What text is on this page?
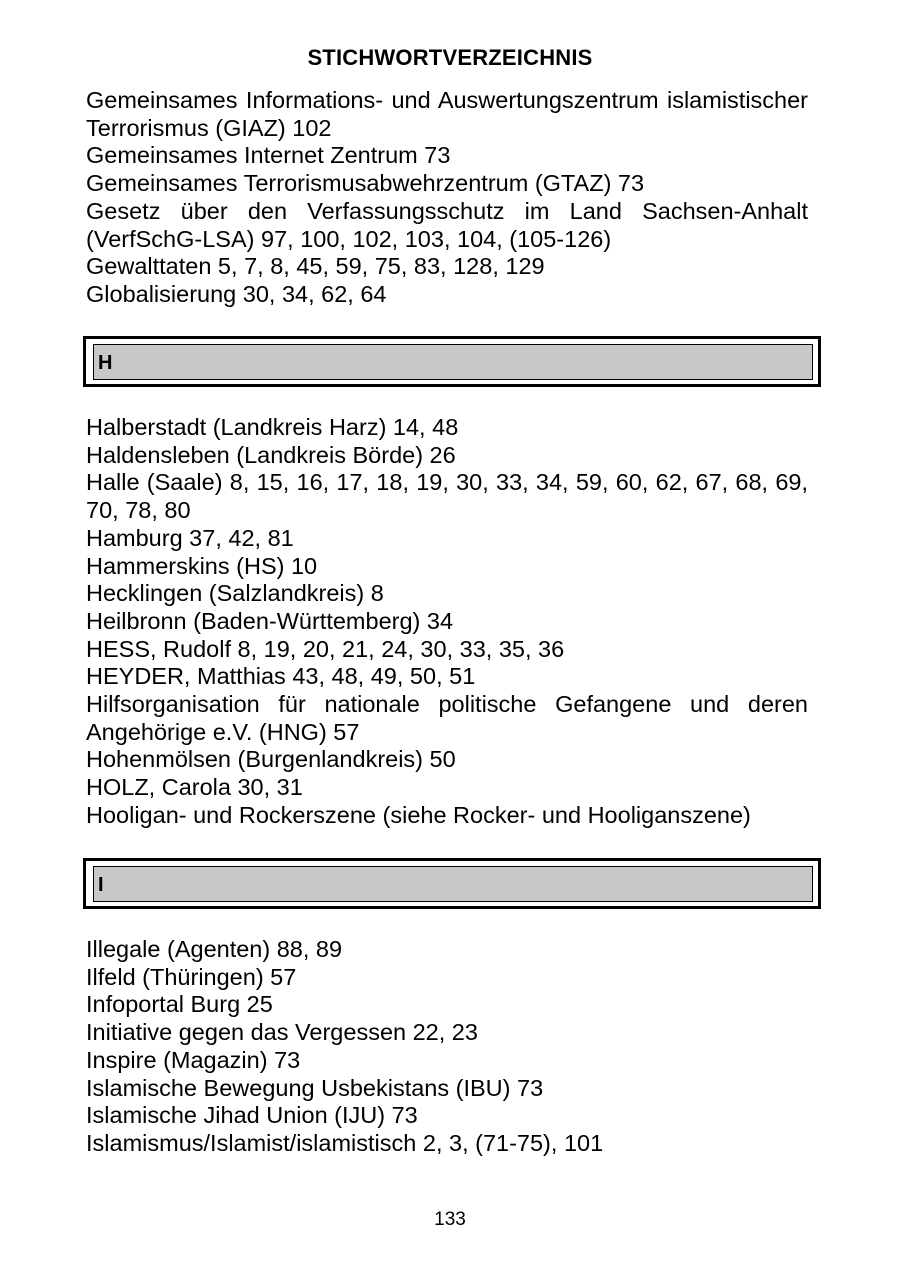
STICHWORTVERZEICHNIS
Gemeinsames Informations- und Auswertungszentrum islamistischer Terrorismus (GIAZ) 102
Gemeinsames Internet Zentrum 73
Gemeinsames Terrorismusabwehrzentrum (GTAZ) 73
Gesetz über den Verfassungsschutz im Land Sachsen-Anhalt (VerfSchG-LSA) 97, 100, 102, 103, 104, (105-126)
Gewalttaten 5, 7, 8, 45, 59, 75, 83, 128, 129
Globalisierung 30, 34, 62, 64
H
Halberstadt (Landkreis Harz) 14, 48
Haldensleben (Landkreis Börde) 26
Halle (Saale) 8, 15, 16, 17, 18, 19, 30, 33, 34, 59, 60, 62, 67, 68, 69, 70, 78, 80
Hamburg 37, 42, 81
Hammerskins (HS) 10
Hecklingen (Salzlandkreis) 8
Heilbronn (Baden-Württemberg) 34
HESS, Rudolf 8, 19, 20, 21, 24, 30, 33, 35, 36
HEYDER, Matthias 43, 48, 49, 50, 51
Hilfsorganisation für nationale politische Gefangene und deren Angehörige e.V. (HNG) 57
Hohenmölsen (Burgenlandkreis) 50
HOLZ, Carola 30, 31
Hooligan- und Rockerszene (siehe Rocker- und Hooliganszene)
I
Illegale (Agenten) 88, 89
Ilfeld (Thüringen) 57
Infoportal Burg 25
Initiative gegen das Vergessen 22, 23
Inspire (Magazin) 73
Islamische Bewegung Usbekistans (IBU) 73
Islamische Jihad Union (IJU) 73
Islamismus/Islamist/islamistisch 2, 3, (71-75), 101
133
